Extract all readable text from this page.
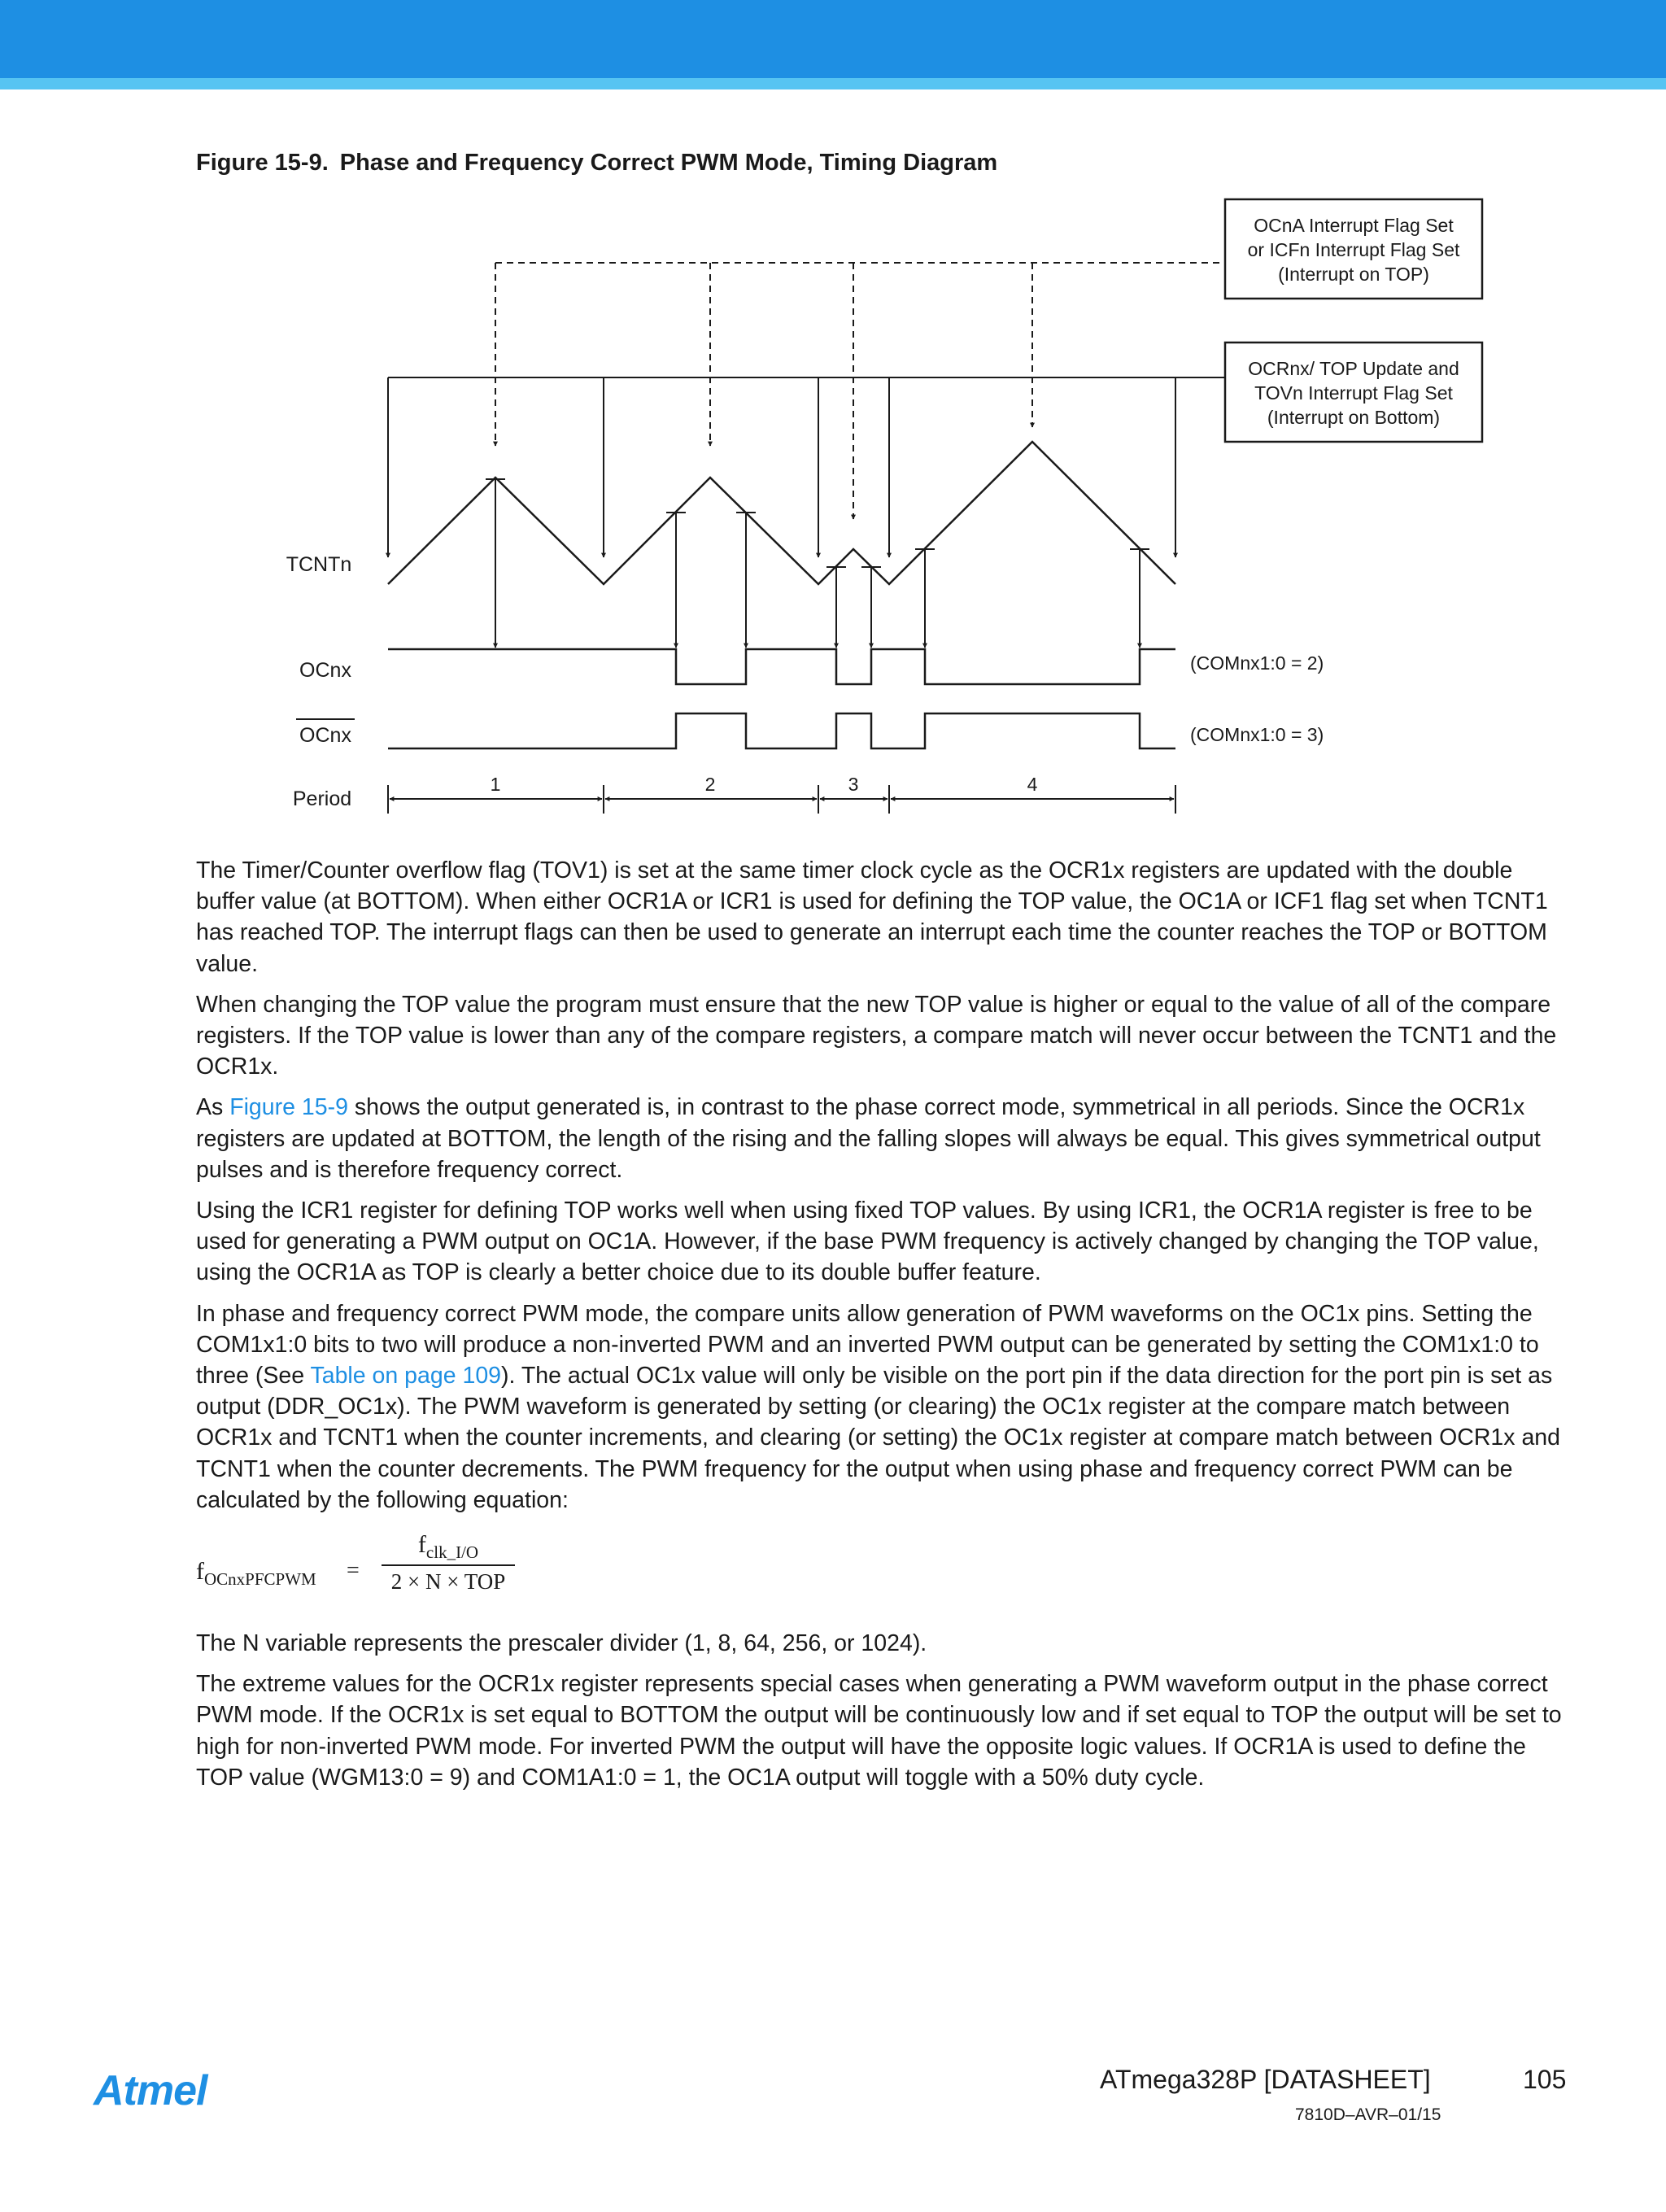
Figure 15-9. Phase and Frequency Correct PWM Mode, Timing Diagram
OCnA Interrupt Flag Set
or ICFn Interrupt Flag Set
(Interrupt on TOP)
OCRnx/ TOP Update and
TOVn Interrupt Flag Set
(Interrupt on Bottom)
TCNTn
OCnx
OCnx
Period
(COMnx1:0 = 2)
(COMnx1:0 = 3)
1	2	3	4

The Timer/Counter overflow flag (TOV1) is set at the same timer clock cycle as the OCR1x registers are updated with the double buffer value (at BOTTOM). When either OCR1A or ICR1 is used for defining the TOP value, the OC1A or ICF1 flag set when TCNT1 has reached TOP. The interrupt flags can then be used to generate an interrupt each time the counter reaches the TOP or BOTTOM value.

When changing the TOP value the program must ensure that the new TOP value is higher or equal to the value of all of the compare registers. If the TOP value is lower than any of the compare registers, a compare match will never occur between the TCNT1 and the OCR1x.

As Figure 15-9 shows the output generated is, in contrast to the phase correct mode, symmetrical in all periods. Since the OCR1x registers are updated at BOTTOM, the length of the rising and the falling slopes will always be equal. This gives symmetrical output pulses and is therefore frequency correct.

Using the ICR1 register for defining TOP works well when using fixed TOP values. By using ICR1, the OCR1A register is free to be used for generating a PWM output on OC1A. However, if the base PWM frequency is actively changed by changing the TOP value, using the OCR1A as TOP is clearly a better choice due to its double buffer feature.

In phase and frequency correct PWM mode, the compare units allow generation of PWM waveforms on the OC1x pins. Setting the COM1x1:0 bits to two will produce a non-inverted PWM and an inverted PWM output can be generated by setting the COM1x1:0 to three (See Table on page 109). The actual OC1x value will only be visible on the port pin if the data direction for the port pin is set as output (DDR_OC1x). The PWM waveform is generated by setting (or clearing) the OC1x register at the compare match between OCR1x and TCNT1 when the counter increments, and clearing (or setting) the OC1x register at compare match between OCR1x and TCNT1 when the counter decrements. The PWM frequency for the output when using phase and frequency correct PWM can be calculated by the following equation:

$f_{OCnxPFCPWM}$ =
$f_{clk\_I/O}$
2 × N × TOP

The N variable represents the prescaler divider (1, 8, 64, 256, or 1024).

The extreme values for the OCR1x register represents special cases when generating a PWM waveform output in the phase correct PWM mode. If the OCR1x is set equal to BOTTOM the output will be continuously low and if set equal to TOP the output will be set to high for non-inverted PWM mode. For inverted PWM the output will have the opposite logic values. If OCR1A is used to define the TOP value (WGM13:0 = 9) and COM1A1:0 = 1, the OC1A output will toggle with a 50% duty cycle.

Atmel	ATmega328P [DATASHEET]	105
7810D–AVR–01/15
